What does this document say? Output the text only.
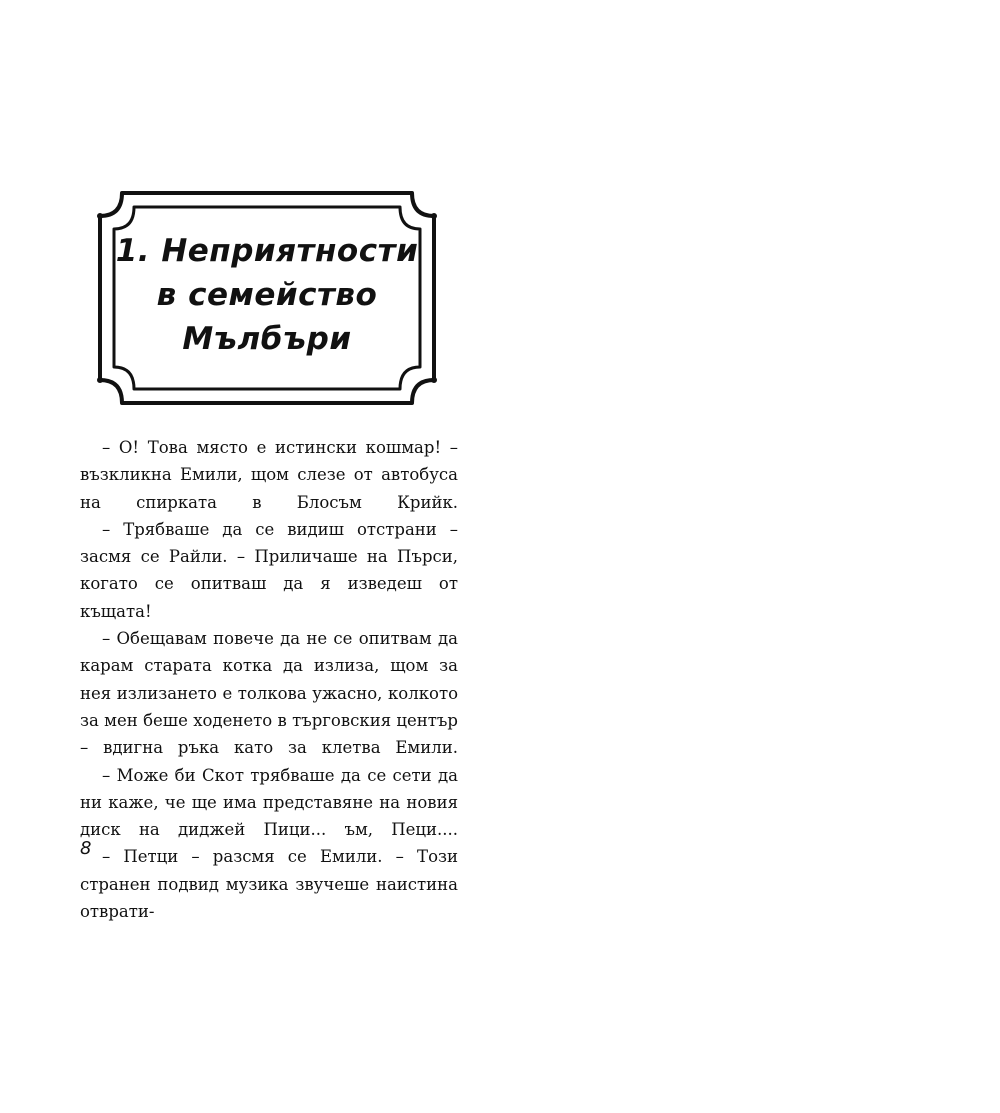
1. Неприятности
в семейство
Мълбъри

– О! Това място е истински кошмар! – възкликна Емили, щом слезе от автобуса на спирката в Блосъм Крийк.

– Трябваше да се видиш отстрани – засмя се Райли. – Приличаше на Пърси, когато се опитваш да я изведеш от къщата!

– Обещавам повече да не се опитвам да карам старата котка да излиза, щом за нея излизането е толкова ужасно, колкото за мен беше ходенето в търговския център – вдигна ръка като за клетва Емили.

– Може би Скот трябваше да се сети да ни каже, че ще има представяне на новия диск на диджей Пици... ъм, Пеци....

– Петци – разсмя се Емили. – Този странен подвид музика звучеше наистина отврати-

8
